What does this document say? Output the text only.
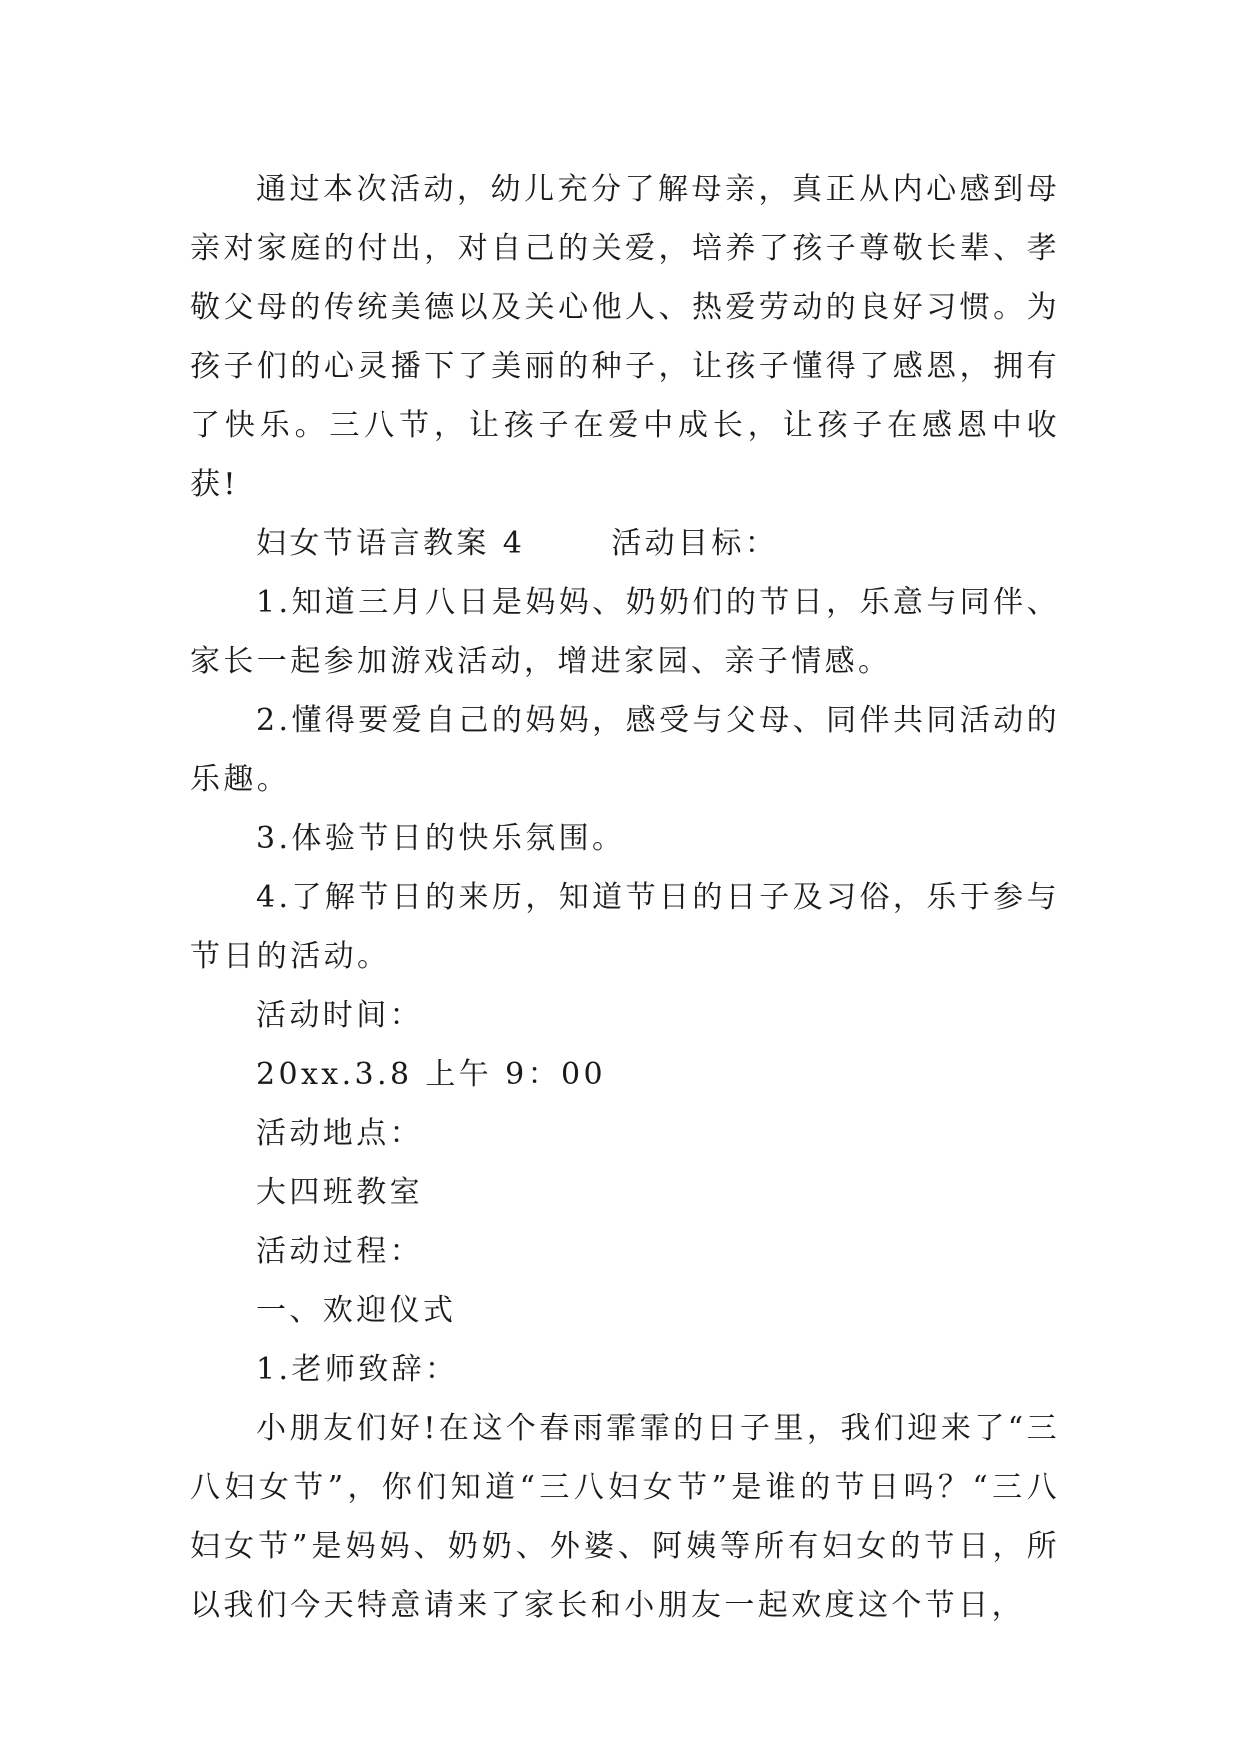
通过本次活动，幼儿充分了解母亲，真正从内心感到母亲对家庭的付出，对自己的关爱，培养了孩子尊敬长辈、孝敬父母的传统美德以及关心他人、热爱劳动的良好习惯。为孩子们的心灵播下了美丽的种子，让孩子懂得了感恩，拥有了快乐。三八节，让孩子在爱中成长，让孩子在感恩中收获!

妇女节语言教案 4	活动目标：

1.知道三月八日是妈妈、奶奶们的节日，乐意与同伴、家长一起参加游戏活动，增进家园、亲子情感。

2.懂得要爱自己的妈妈，感受与父母、同伴共同活动的乐趣。

3.体验节日的快乐氛围。

4.了解节日的来历，知道节日的日子及习俗，乐于参与节日的活动。

活动时间：

20xx.3.8 上午 9：00

活动地点：

大四班教室

活动过程：

一、欢迎仪式

1.老师致辞：

小朋友们好!在这个春雨霏霏的日子里，我们迎来了“三八妇女节”，你们知道“三八妇女节”是谁的节日吗？“三八妇女节”是妈妈、奶奶、外婆、阿姨等所有妇女的节日，所以我们今天特意请来了家长和小朋友一起欢度这个节日，
